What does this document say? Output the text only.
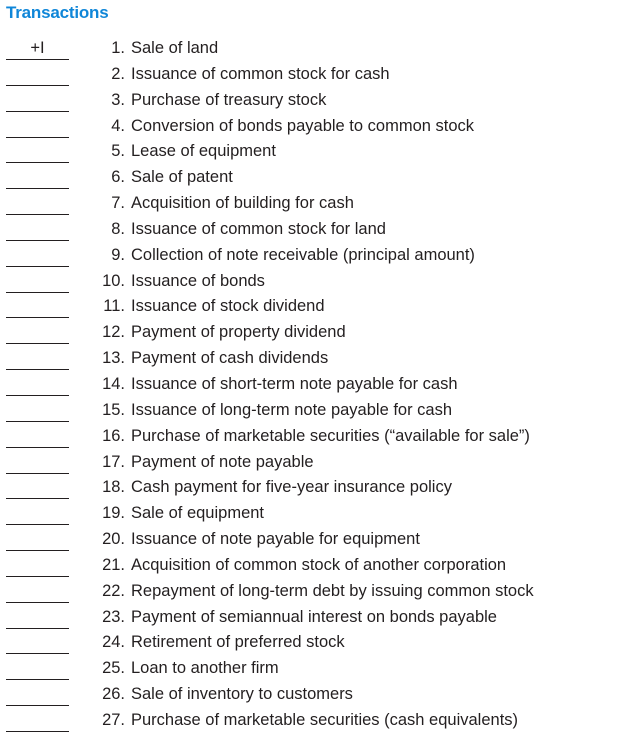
Transactions
+I	1. Sale of land
2. Issuance of common stock for cash
3. Purchase of treasury stock
4. Conversion of bonds payable to common stock
5. Lease of equipment
6. Sale of patent
7. Acquisition of building for cash
8. Issuance of common stock for land
9. Collection of note receivable (principal amount)
10. Issuance of bonds
11. Issuance of stock dividend
12. Payment of property dividend
13. Payment of cash dividends
14. Issuance of short-term note payable for cash
15. Issuance of long-term note payable for cash
16. Purchase of marketable securities (“available for sale”)
17. Payment of note payable
18. Cash payment for five-year insurance policy
19. Sale of equipment
20. Issuance of note payable for equipment
21. Acquisition of common stock of another corporation
22. Repayment of long-term debt by issuing common stock
23. Payment of semiannual interest on bonds payable
24. Retirement of preferred stock
25. Loan to another firm
26. Sale of inventory to customers
27. Purchase of marketable securities (cash equivalents)
